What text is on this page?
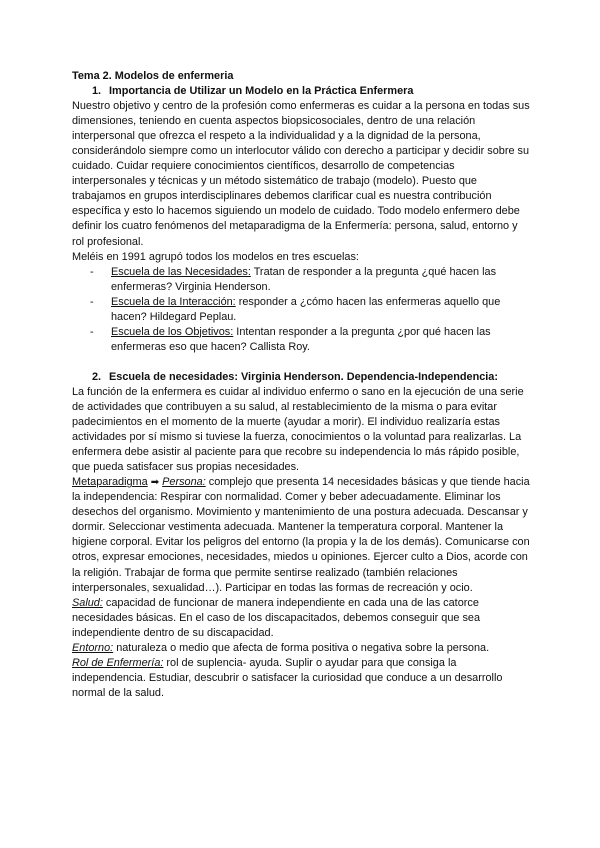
Tema 2. Modelos de enfermeria

1. Importancia de Utilizar un Modelo en la Práctica Enfermera

Nuestro objetivo y centro de la profesión como enfermeras es cuidar a la persona en todas sus dimensiones, teniendo en cuenta aspectos biopsicosociales, dentro de una relación interpersonal que ofrezca el respeto a la individualidad y a la dignidad de la persona, considerándolo siempre como un interlocutor válido con derecho a participar y decidir sobre su cuidado. Cuidar requiere conocimientos científicos, desarrollo de competencias interpersonales y técnicas y un método sistemático de trabajo (modelo). Puesto que trabajamos en grupos interdisciplinares debemos clarificar cual es nuestra contribución específica y esto lo hacemos siguiendo un modelo de cuidado. Todo modelo enfermero debe definir los cuatro fenómenos del metaparadigma de la Enfermería: persona, salud, entorno y rol profesional.

Meléis en 1991 agrupó todos los modelos en tres escuelas:

- Escuela de las Necesidades: Tratan de responder a la pregunta ¿qué hacen las enfermeras? Virginia Henderson.
- Escuela de la Interacción: responder a ¿cómo hacen las enfermeras aquello que hacen? Hildegard Peplau.
- Escuela de los Objetivos: Intentan responder a la pregunta ¿por qué hacen las enfermeras eso que hacen? Callista Roy.

2. Escuela de necesidades: Virginia Henderson. Dependencia-Independencia:

La función de la enfermera es cuidar al individuo enfermo o sano en la ejecución de una serie de actividades que contribuyen a su salud, al restablecimiento de la misma o para evitar padecimientos en el momento de la muerte (ayudar a morir). El individuo realizaría estas actividades por sí mismo si tuviese la fuerza, conocimientos o la voluntad para realizarlas. La enfermera debe asistir al paciente para que recobre su independencia lo más rápido posible, que pueda satisfacer sus propias necesidades.

Metaparadigma ➡ Persona: complejo que presenta 14 necesidades básicas y que tiende hacia la independencia: Respirar con normalidad. Comer y beber adecuadamente. Eliminar los desechos del organismo. Movimiento y mantenimiento de una postura adecuada. Descansar y dormir. Seleccionar vestimenta adecuada. Mantener la temperatura corporal. Mantener la higiene corporal. Evitar los peligros del entorno (la propia y la de los demás). Comunicarse con otros, expresar emociones, necesidades, miedos u opiniones. Ejercer culto a Dios, acorde con la religión. Trabajar de forma que permite sentirse realizado (también relaciones interpersonales, sexualidad…). Participar en todas las formas de recreación y ocio.

Salud: capacidad de funcionar de manera independiente en cada una de las catorce necesidades básicas. En el caso de los discapacitados, debemos conseguir que sea independiente dentro de su discapacidad.

Entorno: naturaleza o medio que afecta de forma positiva o negativa sobre la persona.

Rol de Enfermería: rol de suplencia- ayuda. Suplir o ayudar para que consiga la independencia. Estudiar, descubrir o satisfacer la curiosidad que conduce a un desarrollo normal de la salud.
